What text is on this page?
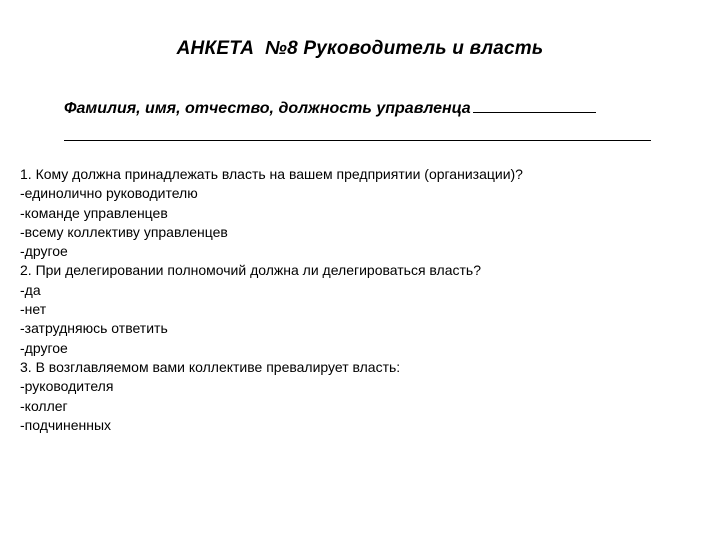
АНКЕТА  №8 Руководитель и власть
Фамилия, имя, отчество, должность управленца
1. Кому должна принадлежать власть на вашем предприятии (организации)?
-единолично руководителю
-команде управленцев
-всему коллективу управленцев
-другое
2. При делегировании полномочий должна ли делегироваться власть?
-да
-нет
-затрудняюсь ответить
-другое
3. В возглавляемом вами коллективе превалирует власть:
-руководителя
-коллег
-подчиненных
